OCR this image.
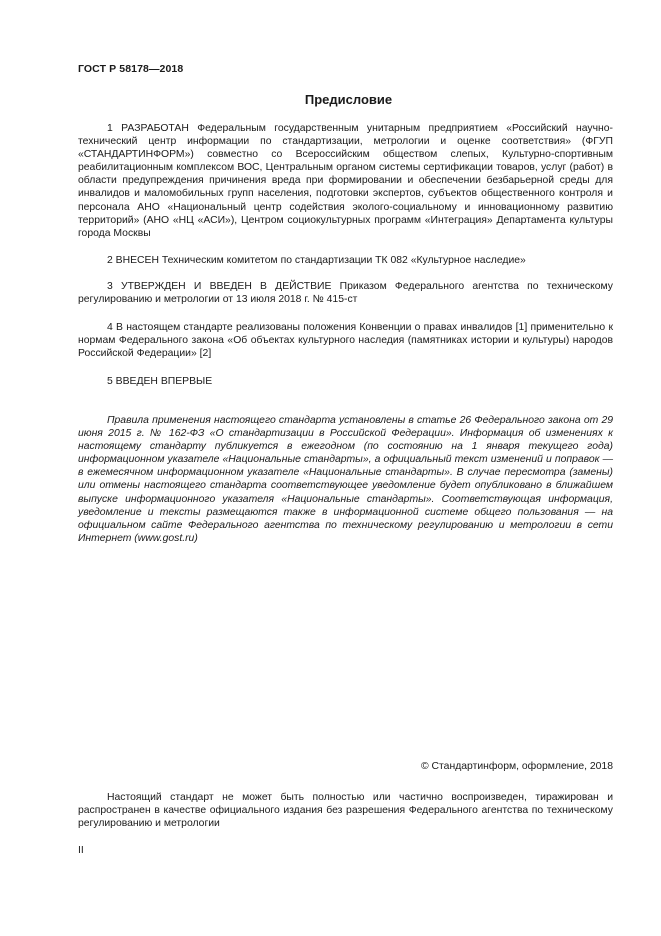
ГОСТ Р 58178—2018
Предисловие
1 РАЗРАБОТАН Федеральным государственным унитарным предприятием «Российский научно-технический центр информации по стандартизации, метрологии и оценке соответствия» (ФГУП «СТАНДАРТИНФОРМ») совместно со Всероссийским обществом слепых, Культурно-спортивным реабилитационным комплексом ВОС, Центральным органом системы сертификации товаров, услуг (работ) в области предупреждения причинения вреда при формировании и обеспечении безбарьерной среды для инвалидов и маломобильных групп населения, подготовки экспертов, субъектов общественного контроля и персонала АНО «Национальный центр содействия эколого-социальному и инновационному развитию территорий» (АНО «НЦ «АСИ»), Центром социокультурных программ «Интеграция» Департамента культуры города Москвы
2 ВНЕСЕН Техническим комитетом по стандартизации ТК 082 «Культурное наследие»
3 УТВЕРЖДЕН И ВВЕДЕН В ДЕЙСТВИЕ Приказом Федерального агентства по техническому регулированию и метрологии от 13 июля 2018 г. № 415-ст
4 В настоящем стандарте реализованы положения Конвенции о правах инвалидов [1] применительно к нормам Федерального закона «Об объектах культурного наследия (памятниках истории и культуры) народов Российской Федерации» [2]
5 ВВЕДЕН ВПЕРВЫЕ
Правила применения настоящего стандарта установлены в статье 26 Федерального закона от 29 июня 2015 г. № 162-ФЗ «О стандартизации в Российской Федерации». Информация об изменениях к настоящему стандарту публикуется в ежегодном (по состоянию на 1 января текущего года) информационном указателе «Национальные стандарты», а официальный текст изменений и поправок — в ежемесячном информационном указателе «Национальные стандарты». В случае пересмотра (замены) или отмены настоящего стандарта соответствующее уведомление будет опубликовано в ближайшем выпуске информационного указателя «Национальные стандарты». Соответствующая информация, уведомление и тексты размещаются также в информационной системе общего пользования — на официальном сайте Федерального агентства по техническому регулированию и метрологии в сети Интернет (www.gost.ru)
© Стандартинформ, оформление, 2018
Настоящий стандарт не может быть полностью или частично воспроизведен, тиражирован и распространен в качестве официального издания без разрешения Федерального агентства по техническому регулированию и метрологии
II
